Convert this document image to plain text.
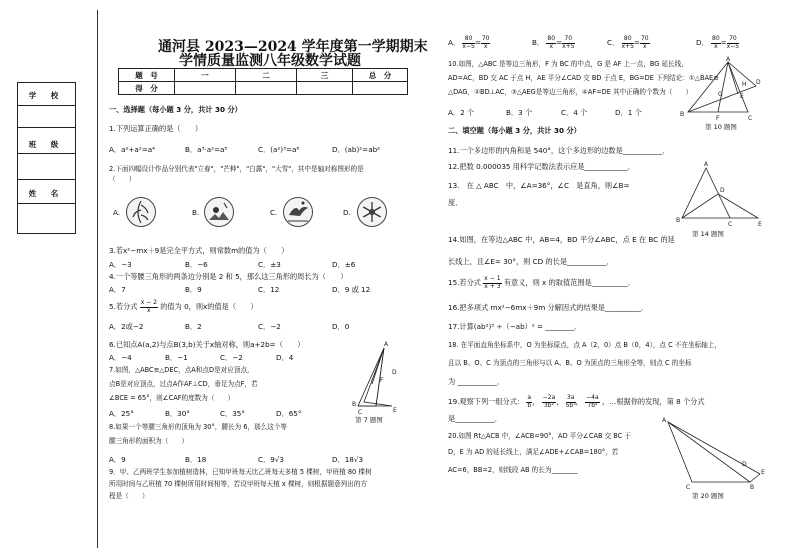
学 校
班 级
姓 名
通河县 2023—2024 学年度第一学期期末
学情质量监测八年级数学试题
题　号	一	二	三	总　分
得　分				
一、选择题（每小题 3 分，共计 30 分）
1.下列运算正确的是（　　）
A．a²+a²=a⁴	B．a³·a²=a⁵	C．(a²)³=a⁸	D．(ab)²=ab²
2.下面四幅设计作品分别代表"立春"，"芒种"，"白露"，"大雪"，其中是轴对称图形的是
（　　）
A.	B.	C.	D.
3.若x²−mx＋9是完全平方式，则常数m的值为（　　）
A．−3	B．−6	C．±3	D．±6
4.一个等腰三角形的两条边分别是 2 和 5，那么这三角形的周长为（　　）
A．7	B．9	C．12	D．9 或 12
5.若分式 $\frac{x - 2}{x}$ 的值为 0，则x的值是（　　）
A．2或−2	B．2	C．−2	D．0
6.已知点A(a,2)与点B(3,b)关于x轴对称，则a+2b=（　　）
A．−4	B．−1	C．−2	D．4
7.如图，△ABC≌△DEC，点A和点D是对应顶点，
点B是对应顶点，过点A作AF⊥CD，垂足为点F，若
∠BCE = 65°，则∠CAF的度数为（　　）
A．25°	B．30°	C．35°	D．65°
A
D
F
B
C	E
第 7 题图
8.如果一个等腰三角形的顶角为 30°，腰长为 6，那么这个等
腰三角形的面积为（　　）
A．9	B．18	C．9√3	D．18√3
9．甲、乙两班学生参加植树造林，已知甲班每天比乙班每天多植 5 棵树，甲班植 80 棵树
所用时间与乙班植 70 棵树所用时间相等，若设甲班每天植 x 棵树，则根据题意列出的方
程是（　　）
A． $\frac{80}{x-5} = \frac{70}{x}$	B． $\frac{80}{x} = \frac{70}{x+5}$	C． $\frac{80}{x+5} = \frac{70}{x}$	D． $\frac{80}{x} = \frac{70}{x-5}$
10.如图，△ABC 是等边三角形，F 为 BC 的中点，G 是 AF 上一点，BG 延长线，
AD=AC，BD 交 AC 于点 H，AE 平分∠CAD 交 BD 于点 E，BG=DE 下列结论：①△BAE≌
△DAG，②BD⊥AC，③△AEG是等边三角形，④AF=DE 其中正确的个数为（　　）
A．2 个	B．3 个	C．4 个	D．1 个
A
D
B
F	C
E
H
G
第 10 题图
二、填空题（每小题 3 分，共计 30 分）
11.一个多边形的内角和是 540°，这个多边形的边数是___________．
12.把数 0.000035 用科学记数法表示应是____________．
13.　在 △ ABC　中，∠A=36°，∠C　是直角，则∠B=
度．
A
D
B
C	E
第 14 题图
14.如图，在等边△ABC 中，AB=4，BD 平分∠ABC，点 E 在 BC 的延
长线上，且∠E= 30°，则 CD 的长是___________．
15.若分式 $\frac{x - 1}{x + 3}$ 有意义，则 x 的取值范围是__________．
16.把多项式 mx²−6mx＋9m 分解因式的结果是__________．
17.计算(ab²)³ ÷（−ab）² = ________．
18. 在平面直角坐标系中，O 为坐标原点，点 A（2，0）点 B（0，4），点 C 不在坐标轴上，
且以 B、O、C 为顶点的三角形与以 A、B、O 为顶点的三角形全等，则点 C 的坐标
为 ___________．
19.观察下列一组分式： $\frac{a}{b}$ ， $\frac{-2a}{\text{3b²}}$ ， $\frac{3a}{\text{5b³}}$ ， $\frac{-4a}{\text{7b⁴}}$ ，…根据你的发现，第 8 个分式
是___________．
20.如图 Rt△ACB 中，∠ACB=90°，AD 平分∠CAB 交 BC 于
D，E 为 AD 的延长线上，满足∠ADE+∠CAB=180°，若
AC=6，BB=2，则线段 AB 的长为________
A
C
D
B
E
第 20 题图
